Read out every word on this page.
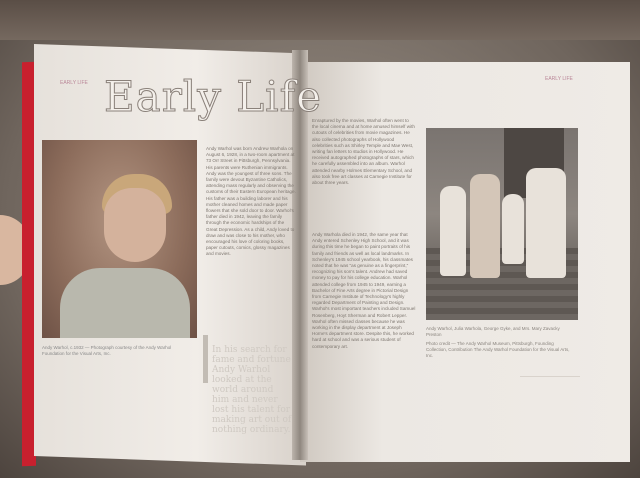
EARLY LIFE
EARLY LIFE
Early Life
Andy Warhol, c.1932 — Photograph courtesy of the Andy Warhol Foundation for the Visual Arts, Inc.
Andy Warhol was born Andrew Warhola on August 6, 1928, in a two-room apartment at 73 Orr Street in Pittsburgh, Pennsylvania. His parents were Ruthenian immigrants. Andy was the youngest of three sons. The family were devout Byzantine Catholics, attending mass regularly and observing the customs of their Eastern European heritage. His father was a building laborer and his mother cleaned homes and made paper flowers that she sold door to door. Warhol's father died in 1942, leaving the family through the economic hardships of the Great Depression. As a child, Andy loved to draw and was close to his mother, who encouraged his love of coloring books, paper cutouts, comics, glossy magazines and movies.
In his search for fame and fortune Andy Warhol looked at the world around him and never lost his talent for making art out of nothing ordinary.
Enraptured by the movies, Warhol often went to the local cinema and at home amused himself with cutouts of celebrities from movie magazines. He also collected photographs of Hollywood celebrities such as Shirley Temple and Mae West, writing fan letters to studios in Hollywood. He received autographed photographs of stars, which he carefully assembled into an album. Warhol attended nearby Holmes Elementary School, and also took free art classes at Carnegie Institute for about three years.
Andy Warhola died in 1942, the same year that Andy entered Schenley High School, and it was during this time he began to paint portraits of his family and friends as well as local landmarks. In Schenley's 1945 school yearbook, his classmates noted that he was "as genuine as a fingerprint," recognizing his son's talent. Andrew had saved money to pay for his college education. Warhol attended college from 1945 to 1949, earning a Bachelor of Fine Arts degree in Pictorial Design from Carnegie Institute of Technology's highly regarded Department of Painting and Design. Warhol's most important teachers included Samuel Rosenberg, Hoyt Sherman and Robert Lepper. Warhol often missed classes because he was working in the display department at Joseph Horne's department store. Despite this, he worked hard at school and was a serious student of contemporary art.
Andy Warhol, Julia Warhola, George Gyke, and Mrs. Mary Zavacky Preston
Photo credit — The Andy Warhol Museum, Pittsburgh, Founding Collection, Contribution The Andy Warhol Foundation for the Visual Arts, Inc.
